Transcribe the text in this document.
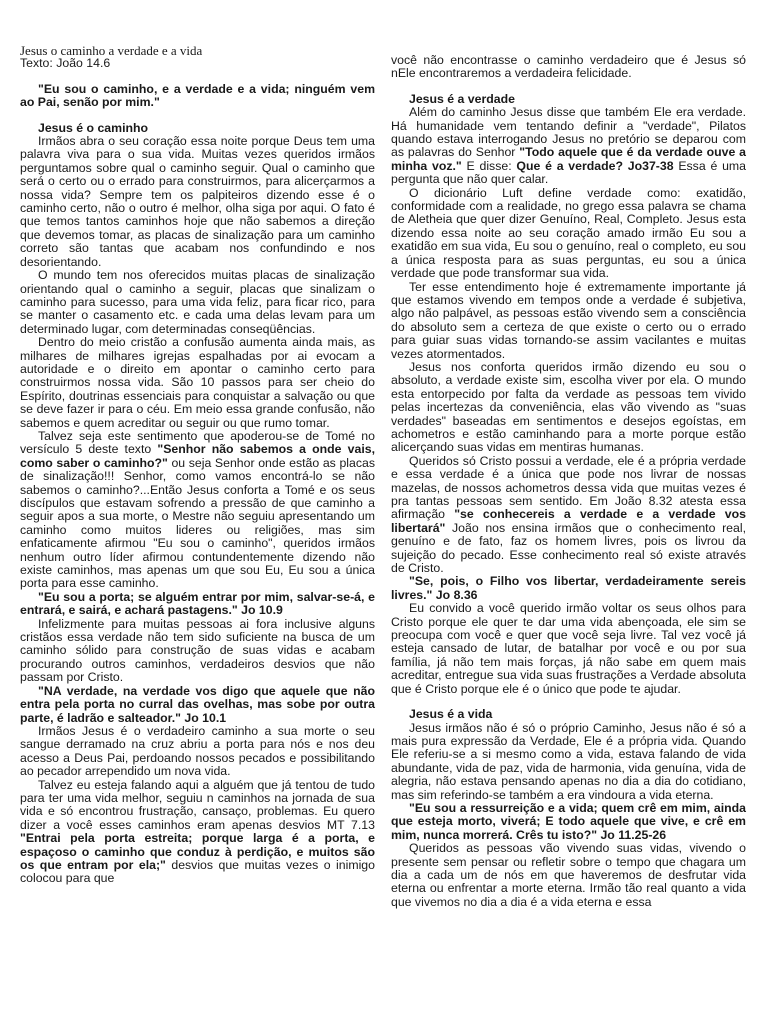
Jesus o caminho a verdade e a vida

Texto: João 14.6

"Eu sou o caminho, e a verdade e a vida; ninguém vem ao Pai, senão por mim."

Jesus é o caminho

Irmãos abra o seu coração essa noite porque Deus tem uma palavra viva para o sua vida. Muitas vezes queridos irmãos perguntamos sobre qual o caminho seguir. Qual o caminho que será o certo ou o errado para construirmos, para alicerçarmos a nossa vida? Sempre tem os palpiteiros dizendo esse é o caminho certo, não o outro é melhor, olha siga por aqui. O fato é que temos tantos caminhos hoje que não sabemos a direção que devemos tomar, as placas de sinalização para um caminho correto são tantas que acabam nos confundindo e nos desorientando.

O mundo tem nos oferecidos muitas placas de sinalização orientando qual o caminho a seguir, placas que sinalizam o caminho para sucesso, para uma vida feliz, para ficar rico, para se manter o casamento etc. e cada uma delas levam para um determinado lugar, com determinadas conseqüências.

Dentro do meio cristão a confusão aumenta ainda mais, as milhares de milhares igrejas espalhadas por ai evocam a autoridade e o direito em apontar o caminho certo para construirmos nossa vida. São 10 passos para ser cheio do Espírito, doutrinas essenciais para conquistar a salvação ou que se deve fazer ir para o céu. Em meio essa grande confusão, não sabemos e quem acreditar ou seguir ou que rumo tomar.

Talvez seja este sentimento que apoderou-se de Tomé no versículo 5 deste texto "Senhor não sabemos a onde vais, como saber o caminho?" ou seja Senhor onde estão as placas de sinalização!!! Senhor, como vamos encontrá-lo se não sabemos o caminho?...Então Jesus conforta a Tomé e os seus discípulos que estavam sofrendo a pressão de que caminho a seguir apos a sua morte, o Mestre não seguiu apresentando um caminho como muitos lideres ou religiões, mas sim enfaticamente afirmou "Eu sou o caminho", queridos irmãos nenhum outro líder afirmou contundentemente dizendo não existe caminhos, mas apenas um que sou Eu, Eu sou a única porta para esse caminho.

"Eu sou a porta; se alguém entrar por mim, salvar-se-á, e entrará, e sairá, e achará pastagens." Jo 10.9

Infelizmente para muitas pessoas ai fora inclusive alguns cristãos essa verdade não tem sido suficiente na busca de um caminho sólido para construção de suas vidas e acabam procurando outros caminhos, verdadeiros desvios que não passam por Cristo.

"NA verdade, na verdade vos digo que aquele que não entra pela porta no curral das ovelhas, mas sobe por outra parte, é ladrão e salteador." Jo 10.1

Irmãos Jesus é o verdadeiro caminho a sua morte o seu sangue derramado na cruz abriu a porta para nós e nos deu acesso a Deus Pai, perdoando nossos pecados e possibilitando ao pecador arrependido um nova vida.

Talvez eu esteja falando aqui a alguém que já tentou de tudo para ter uma vida melhor, seguiu n caminhos na jornada de sua vida e só encontrou frustração, cansaço, problemas. Eu quero dizer a você esses caminhos eram apenas desvios MT 7.13 "Entrai pela porta estreita; porque larga é a porta, e espaçoso o caminho que conduz à perdição, e muitos são os que entram por ela;" desvios que muitas vezes o inimigo colocou para que

você não encontrasse o caminho verdadeiro que é Jesus só nEle encontraremos a verdadeira felicidade.

Jesus é a verdade

Além do caminho Jesus disse que também Ele era verdade. Há humanidade vem tentando definir a "verdade", Pilatos quando estava interrogando Jesus no pretório se deparou com as palavras do Senhor "Todo aquele que é da verdade ouve a minha voz." E disse: Que é a verdade? Jo37-38 Essa é uma pergunta que não quer calar.

O dicionário Luft define verdade como: exatidão, conformidade com a realidade, no grego essa palavra se chama de Aletheia que quer dizer Genuíno, Real, Completo. Jesus esta dizendo essa noite ao seu coração amado irmão Eu sou a exatidão em sua vida, Eu sou o genuíno, real o completo, eu sou a única resposta para as suas perguntas, eu sou a única verdade que pode transformar sua vida.

Ter esse entendimento hoje é extremamente importante já que estamos vivendo em tempos onde a verdade é subjetiva, algo não palpável, as pessoas estão vivendo sem a consciência do absoluto sem a certeza de que existe o certo ou o errado para guiar suas vidas tornando-se assim vacilantes e muitas vezes atormentados.

Jesus nos conforta queridos irmão dizendo eu sou o absoluto, a verdade existe sim, escolha viver por ela. O mundo esta entorpecido por falta da verdade as pessoas tem vivido pelas incertezas da conveniência, elas vão vivendo as "suas verdades" baseadas em sentimentos e desejos egoístas, em achometros e estão caminhando para a morte porque estão alicerçando suas vidas em mentiras humanas.

Queridos só Cristo possui a verdade, ele é a própria verdade e essa verdade é a única que pode nos livrar de nossas mazelas, de nossos achometros dessa vida que muitas vezes é pra tantas pessoas sem sentido. Em João 8.32 atesta essa afirmação "se conhecereis a verdade e a verdade vos libertará" João nos ensina irmãos que o conhecimento real, genuíno e de fato, faz os homem livres, pois os livrou da sujeição do pecado. Esse conhecimento real só existe através de Cristo.

"Se, pois, o Filho vos libertar, verdadeiramente sereis livres." Jo 8.36

Eu convido a você querido irmão voltar os seus olhos para Cristo porque ele quer te dar uma vida abençoada, ele sim se preocupa com você e quer que você seja livre. Tal vez você já esteja cansado de lutar, de batalhar por você e ou por sua família, já não tem mais forças, já não sabe em quem mais acreditar, entregue sua vida suas frustrações a Verdade absoluta que é Cristo porque ele é o único que pode te ajudar.

Jesus é a vida

Jesus irmãos não é só o próprio Caminho, Jesus não é só a mais pura expressão da Verdade, Ele é a própria vida. Quando Ele referiu-se a si mesmo como a vida, estava falando de vida abundante, vida de paz, vida de harmonia, vida genuína, vida de alegria, não estava pensando apenas no dia a dia do cotidiano, mas sim referindo-se também a era vindoura a vida eterna.

"Eu sou a ressurreição e a vida; quem crê em mim, ainda que esteja morto, viverá; E todo aquele que vive, e crê em mim, nunca morrerá. Crês tu isto?" Jo 11.25-26

Queridos as pessoas vão vivendo suas vidas, vivendo o presente sem pensar ou refletir sobre o tempo que chagara um dia a cada um de nós em que haveremos de desfrutar vida eterna ou enfrentar a morte eterna. Irmão tão real quanto a vida que vivemos no dia a dia é a vida eterna e essa
